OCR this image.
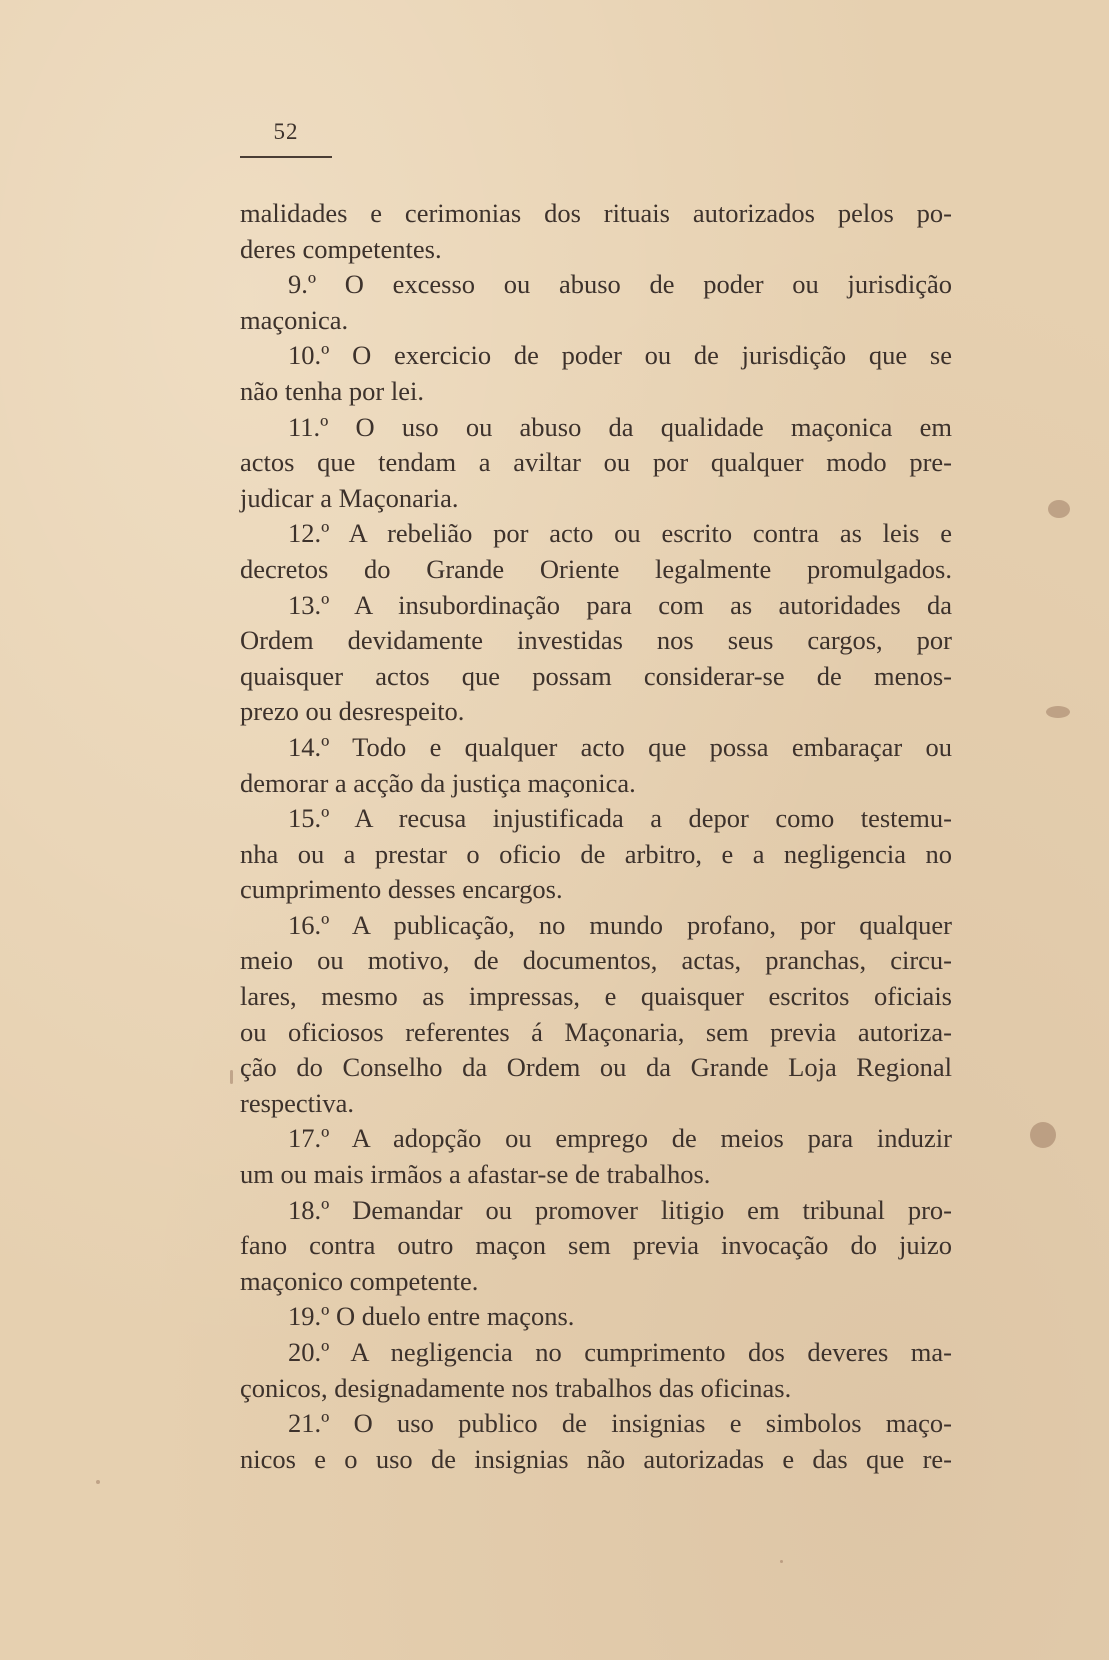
52
malidades e cerimonias dos rituais autorizados pelos po-
deres competentes.
9.º O excesso ou abuso de poder ou jurisdição
maçonica.
10.º O exercicio de poder ou de jurisdição que se
não tenha por lei.
11.º O uso ou abuso da qualidade maçonica em
actos que tendam a aviltar ou por qualquer modo pre-
judicar a Maçonaria.
12.º A rebelião por acto ou escrito contra as leis e
decretos do Grande Oriente legalmente promulgados.
13.º A insubordinação para com as autoridades da
Ordem devidamente investidas nos seus cargos, por
quaisquer actos que possam considerar-se de menos-
prezo ou desrespeito.
14.º Todo e qualquer acto que possa embaraçar ou
demorar a acção da justiça maçonica.
15.º A recusa injustificada a depor como testemu-
nha ou a prestar o oficio de arbitro, e a negligencia no
cumprimento desses encargos.
16.º A publicação, no mundo profano, por qualquer
meio ou motivo, de documentos, actas, pranchas, circu-
lares, mesmo as impressas, e quaisquer escritos oficiais
ou oficiosos referentes á Maçonaria, sem previa autoriza-
ção do Conselho da Ordem ou da Grande Loja Regional
respectiva.
17.º A adopção ou emprego de meios para induzir
um ou mais irmãos a afastar-se de trabalhos.
18.º Demandar ou promover litigio em tribunal pro-
fano contra outro maçon sem previa invocação do juizo
maçonico competente.
19.º O duelo entre maçons.
20.º A negligencia no cumprimento dos deveres ma-
çonicos, designadamente nos trabalhos das oficinas.
21.º O uso publico de insignias e simbolos maço-
nicos e o uso de insignias não autorizadas e das que re-
